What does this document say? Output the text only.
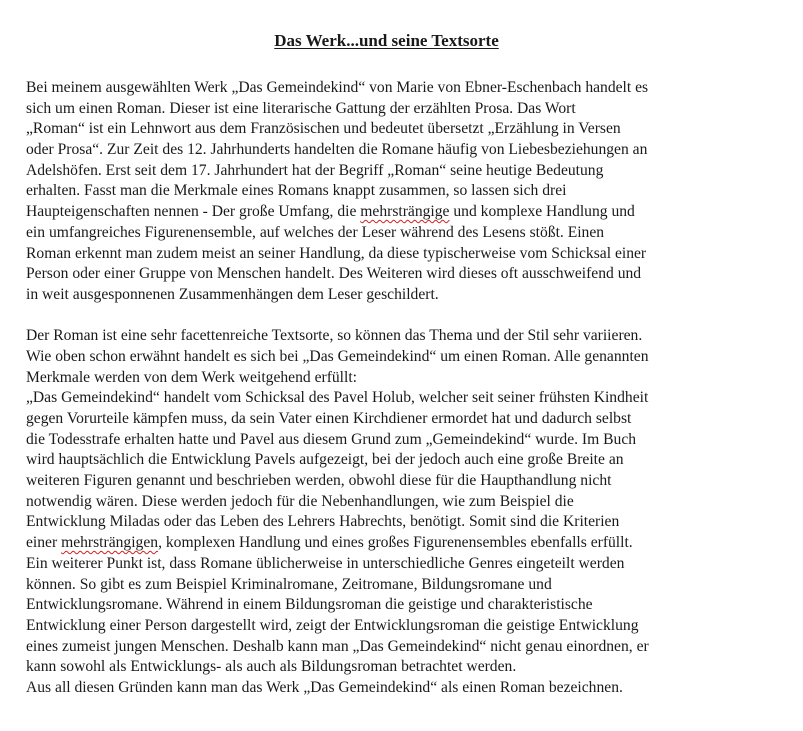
Das Werk...und seine Textsorte
Bei meinem ausgewählten Werk „Das Gemeindekind“ von Marie von Ebner-Eschenbach handelt es
sich um einen Roman. Dieser ist eine literarische Gattung der erzählten Prosa. Das Wort
„Roman“ ist ein Lehnwort aus dem Französischen und bedeutet übersetzt „Erzählung in Versen
oder Prosa“. Zur Zeit des 12. Jahrhunderts handelten die Romane häufig von Liebesbeziehungen an
Adelshöfen. Erst seit dem 17. Jahrhundert hat der Begriff „Roman“ seine heutige Bedeutung
erhalten. Fasst man die Merkmale eines Romans knappt zusammen, so lassen sich drei
Haupteigenschaften nennen - Der große Umfang, die mehrsträngige und komplexe Handlung und
ein umfangreiches Figurenensemble, auf welches der Leser während des Lesens stößt. Einen
Roman erkennt man zudem meist an seiner Handlung, da diese typischerweise vom Schicksal einer
Person oder einer Gruppe von Menschen handelt. Des Weiteren wird dieses oft ausschweifend und
in weit ausgesponnenen Zusammenhängen dem Leser geschildert.
Der Roman ist eine sehr facettenreiche Textsorte, so können das Thema und der Stil sehr variieren.
Wie oben schon erwähnt handelt es sich bei „Das Gemeindekind“ um einen Roman. Alle genannten
Merkmale werden von dem Werk weitgehend erfüllt:
„Das Gemeindekind“ handelt vom Schicksal des Pavel Holub, welcher seit seiner frühsten Kindheit
gegen Vorurteile kämpfen muss, da sein Vater einen Kirchdiener ermordet hat und dadurch selbst
die Todesstrafe erhalten hatte und Pavel aus diesem Grund zum „Gemeindekind“ wurde. Im Buch
wird hauptsächlich die Entwicklung Pavels aufgezeigt, bei der jedoch auch eine große Breite an
weiteren Figuren genannt und beschrieben werden, obwohl diese für die Haupthandlung nicht
notwendig wären. Diese werden jedoch für die Nebenhandlungen, wie zum Beispiel die
Entwicklung Miladas oder das Leben des Lehrers Habrechts, benötigt. Somit sind die Kriterien
einer mehrsträngigen, komplexen Handlung und eines großes Figurenensembles ebenfalls erfüllt.
Ein weiterer Punkt ist, dass Romane üblicherweise in unterschiedliche Genres eingeteilt werden
können. So gibt es zum Beispiel Kriminalromane, Zeitromane, Bildungsromane und
Entwicklungsromane. Während in einem Bildungsroman die geistige und charakteristische
Entwicklung einer Person dargestellt wird, zeigt der Entwicklungsroman die geistige Entwicklung
eines zumeist jungen Menschen. Deshalb kann man „Das Gemeindekind“ nicht genau einordnen, er
kann sowohl als Entwicklungs- als auch als Bildungsroman betrachtet werden.
Aus all diesen Gründen kann man das Werk „Das Gemeindekind“ als einen Roman bezeichnen.
